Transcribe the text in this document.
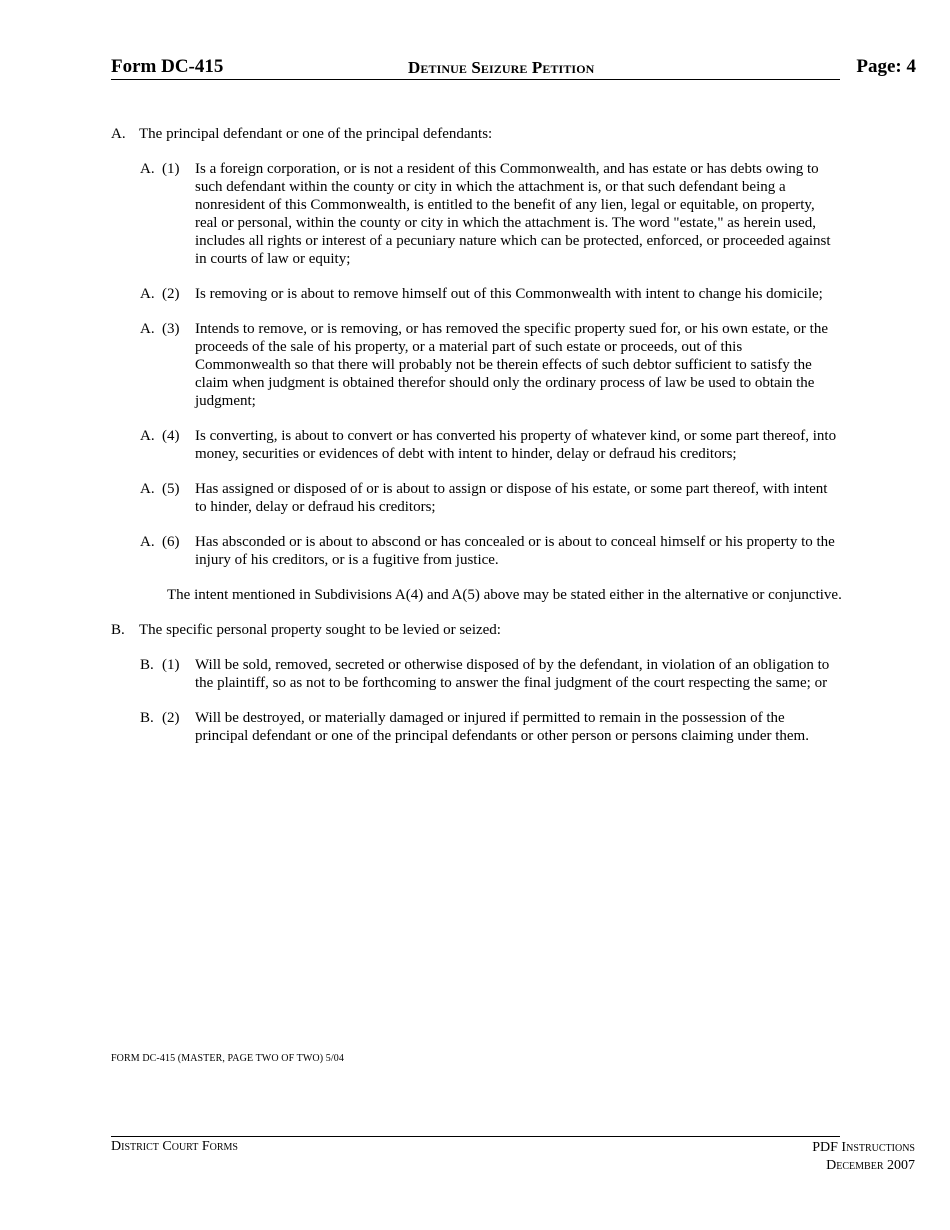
Form DC-415	Detinue Seizure Petition	Page: 4
A. The principal defendant or one of the principal defendants:
A. (1) Is a foreign corporation, or is not a resident of this Commonwealth, and has estate or has debts owing to such defendant within the county or city in which the attachment is, or that such defendant being a nonresident of this Commonwealth, is entitled to the benefit of any lien, legal or equitable, on property, real or personal, within the county or city in which the attachment is. The word "estate," as herein used, includes all rights or interest of a pecuniary nature which can be protected, enforced, or proceeded against in courts of law or equity;
A. (2) Is removing or is about to remove himself out of this Commonwealth with intent to change his domicile;
A. (3) Intends to remove, or is removing, or has removed the specific property sued for, or his own estate, or the proceeds of the sale of his property, or a material part of such estate or proceeds, out of this Commonwealth so that there will probably not be therein effects of such debtor sufficient to satisfy the claim when judgment is obtained therefor should only the ordinary process of law be used to obtain the judgment;
A. (4) Is converting, is about to convert or has converted his property of whatever kind, or some part thereof, into money, securities or evidences of debt with intent to hinder, delay or defraud his creditors;
A. (5) Has assigned or disposed of or is about to assign or dispose of his estate, or some part thereof, with intent to hinder, delay or defraud his creditors;
A. (6) Has absconded or is about to abscond or has concealed or is about to conceal himself or his property to the injury of his creditors, or is a fugitive from justice.
The intent mentioned in Subdivisions A(4) and A(5) above may be stated either in the alternative or conjunctive.
B. The specific personal property sought to be levied or seized:
B. (1) Will be sold, removed, secreted or otherwise disposed of by the defendant, in violation of an obligation to the plaintiff, so as not to be forthcoming to answer the final judgment of the court respecting the same; or
B. (2) Will be destroyed, or materially damaged or injured if permitted to remain in the possession of the principal defendant or one of the principal defendants or other person or persons claiming under them.
FORM DC-415 (MASTER, PAGE TWO OF TWO) 5/04
District Court Forms	PDF Instructions
December 2007
